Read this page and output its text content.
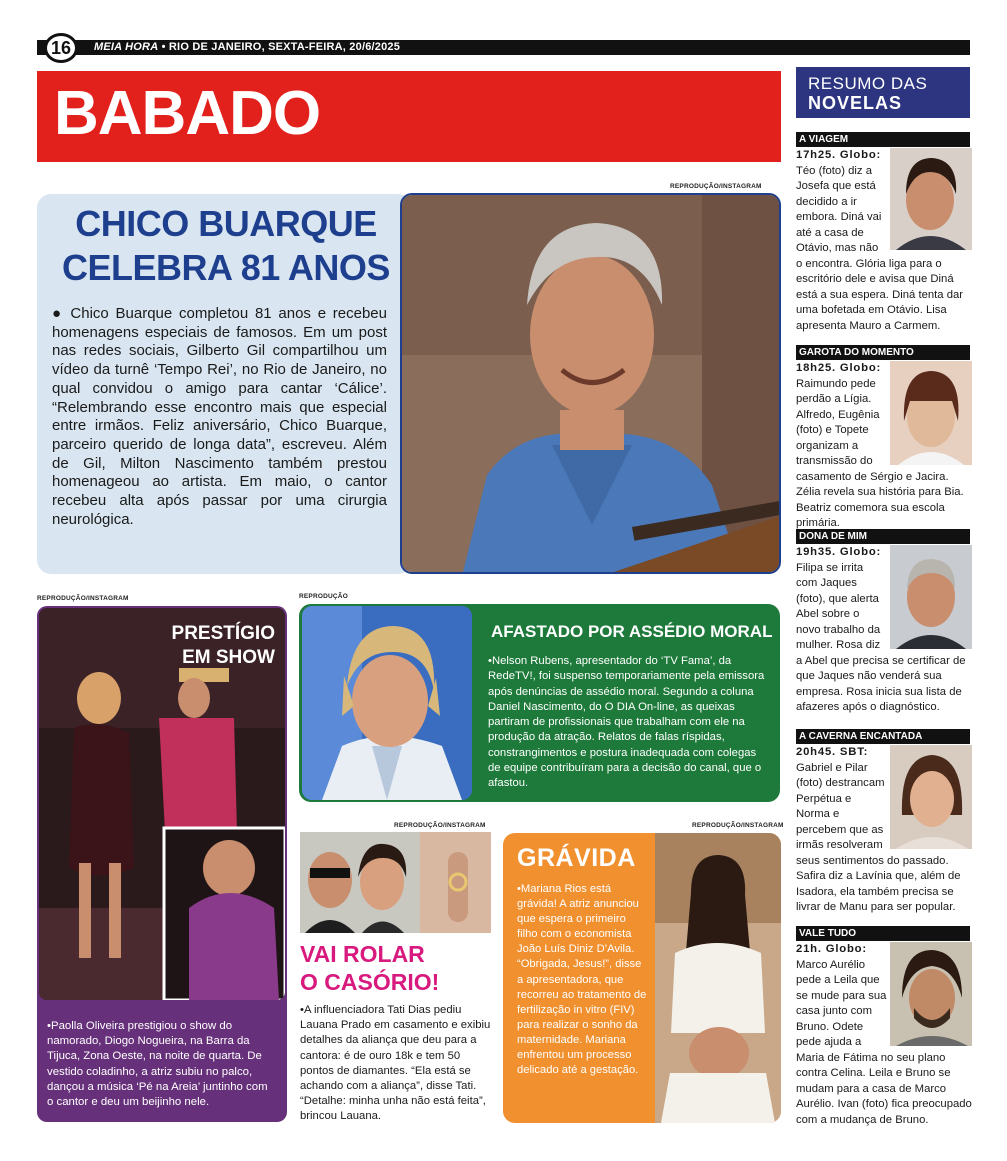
16	MEIA HORA • RIO DE JANEIRO, SEXTA-FEIRA, 20/6/2025
BABADO	RESUMO DAS
NOVELAS
REPRODUÇÃO/INSTAGRAM
CHICO BUARQUE
CELEBRA 81 ANOS
● Chico Buarque completou 81 anos e recebeu homenagens especiais de famosos. Em um post nas redes sociais, Gilberto Gil compartilhou um vídeo da turnê ‘Tempo Rei’, no Rio de Janeiro, no qual convidou o amigo para cantar ‘Cálice’. “Relembrando esse encontro mais que especial entre irmãos. Feliz aniversário, Chico Buarque, parceiro querido de longa data”, escreveu. Além de Gil, Milton Nascimento também prestou homenageou ao artista. Em maio, o cantor recebeu alta após passar por uma cirurgia neurológica.
REPRODUÇÃO/INSTAGRAM
PRESTÍGIO
EM SHOW
•Paolla Oliveira prestigiou o show do namorado, Diogo Nogueira, na Barra da Tijuca, Zona Oeste, na noite de quarta. De vestido coladinho, a atriz subiu no palco, dançou a música ‘Pé na Areia’ juntinho com o cantor e deu um beijinho nele.
REPRODUÇÃO
AFASTADO POR ASSÉDIO MORAL
•Nelson Rubens, apresentador do ‘TV Fama’, da RedeTV!, foi suspenso temporariamente pela emissora após denúncias de assédio moral. Segundo a coluna Daniel Nascimento, do O DIA On-line, as queixas partiram de profissionais que trabalham com ele na produção da atração. Relatos de falas ríspidas, constrangimentos e postura inadequada com colegas de equipe contribuíram para a decisão do canal, que o afastou.
REPRODUÇÃO/INSTAGRAM
VAI ROLAR
O CASÓRIO!
•A influenciadora Tati Dias pediu Lauana Prado em casamento e exibiu detalhes da aliança que deu para a cantora: é de ouro 18k e tem 50 pontos de diamantes. “Ela está se achando com a aliança”, disse Tati. “Detalhe: minha unha não está feita”, brincou Lauana.
REPRODUÇÃO/INSTAGRAM
GRÁVIDA
•Mariana Rios está grávida! A atriz anunciou que espera o primeiro filho com o economista João Luís Diniz D’Avila. “Obrigada, Jesus!”, disse a apresentadora, que recorreu ao tratamento de fertilização in vitro (FIV) para realizar o sonho da maternidade. Mariana enfrentou um processo delicado até a gestação.
A VIAGEM
17h25. Globo: Téo (foto) diz a Josefa que está decidido a ir embora. Diná vai até a casa de Otávio, mas não o encontra. Glória liga para o escritório dele e avisa que Diná está a sua espera. Diná tenta dar uma bofetada em Otávio. Lisa apresenta Mauro a Carmem.
GAROTA DO MOMENTO
18h25. Globo: Raimundo pede perdão a Lígia. Alfredo, Eugênia (foto) e Topete organizam a transmissão do casamento de Sérgio e Jacira. Zélia revela sua história para Bia. Beatriz comemora sua escola primária.
DONA DE MIM
19h35. Globo: Filipa se irrita com Jaques (foto), que alerta Abel sobre o novo trabalho da mulher. Rosa diz a Abel que precisa se certificar de que Jaques não venderá sua empresa. Rosa inicia sua lista de afazeres após o diagnóstico.
A CAVERNA ENCANTADA
20h45. SBT: Gabriel e Pilar (foto) destrancam Perpétua e Norma e percebem que as irmãs resolveram seus sentimentos do passado. Safira diz a Lavínia que, além de Isadora, ela também precisa se livrar de Manu para ser popular.
VALE TUDO
21h. Globo: Marco Aurélio pede a Leila que se mude para sua casa junto com Bruno. Odete pede ajuda a Maria de Fátima no seu plano contra Celina. Leila e Bruno se mudam para a casa de Marco Aurélio. Ivan (foto) fica preocupado com a mudança de Bruno.
